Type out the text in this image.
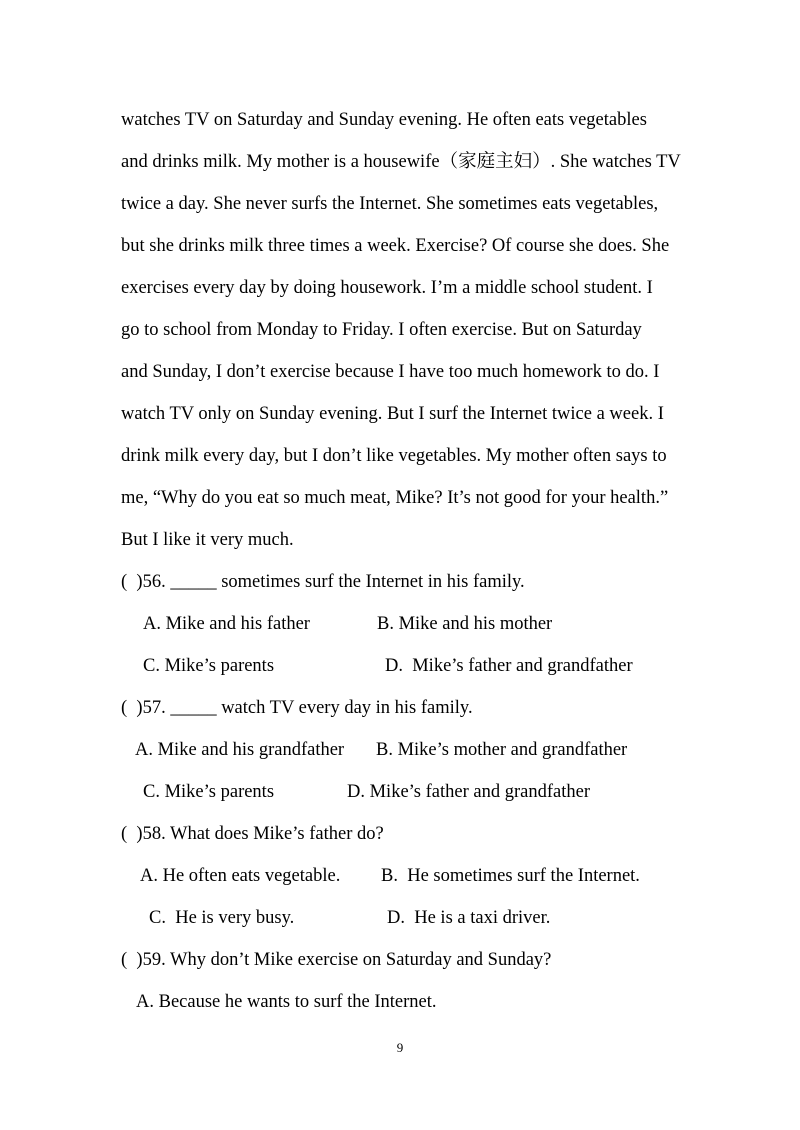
watches TV on Saturday and Sunday evening. He often eats vegetables
and drinks milk. My mother is a housewife（家庭主妇）. She watches TV
twice a day. She never surfs the Internet. She sometimes eats vegetables,
but she drinks milk three times a week. Exercise? Of course she does. She
exercises every day by doing housework. I’m a middle school student. I
go to school from Monday to Friday. I often exercise. But on Saturday
and Sunday, I don’t exercise because I have too much homework to do. I
watch TV only on Sunday evening. But I surf the Internet twice a week. I
drink milk every day, but I don’t like vegetables. My mother often says to
me, “Why do you eat so much meat, Mike? It’s not good for your health.”
But I like it very much.
(  )56. _____ sometimes surf the Internet in his family.
A. Mike and his father	B. Mike and his mother
C. Mike’s parents	D.  Mike’s father and grandfather
(  )57. _____ watch TV every day in his family.
A. Mike and his grandfather B. Mike’s mother and grandfather
C. Mike’s parents	D. Mike’s father and grandfather
(  )58. What does Mike’s father do?
A. He often eats vegetable. B.  He sometimes surf the Internet.
C.  He is very busy.	D.  He is a taxi driver.
(  )59. Why don’t Mike exercise on Saturday and Sunday?
A. Because he wants to surf the Internet.
9
